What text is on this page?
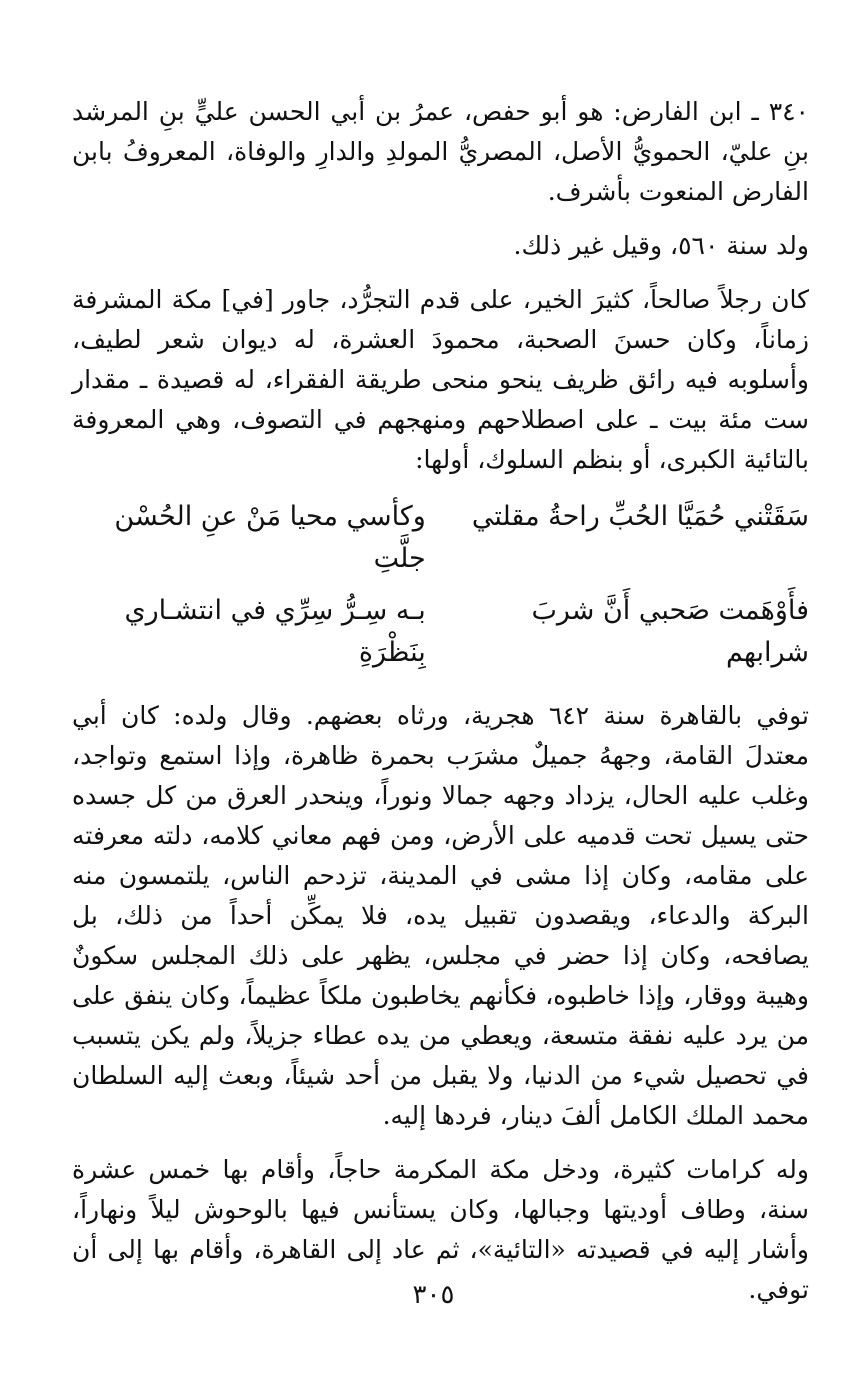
٣٤٠ ـ ابن الفارض: هو أبو حفص، عمرُ بن أبي الحسن عليٍّ بنِ المرشد بنِ عليّ، الحمويُّ الأصل، المصريُّ المولدِ والدارِ والوفاة، المعروفُ بابن الفارض المنعوت بأشرف.

ولد سنة ٥٦٠، وقيل غير ذلك.

كان رجلاً صالحاً، كثيرَ الخير، على قدم التجرُّد، جاور [في] مكة المشرفة زماناً، وكان حسنَ الصحبة، محمودَ العشرة، له ديوان شعر لطيف، وأسلوبه فيه رائق ظريف ينحو منحى طريقة الفقراء، له قصيدة ـ مقدار ست مئة بيت ـ على اصطلاحهم ومنهجهم في التصوف، وهي المعروفة بالتائية الكبرى، أو بنظم السلوك، أولها:

سَقَتْني حُمَيَّا الحُبِّ راحةُ مقلتي
وكأسي محيا مَنْ عنِ الحُسْن جلَّتِ
فأَوْهَمت صَحبي أَنَّ شربَ شرابهم
بـه سِـرُّ سِرِّي في انتشـاري بِنَظْرَةِ

توفي بالقاهرة سنة ٦٤٢ هجرية، ورثاه بعضهم. وقال ولده: كان أبي معتدلَ القامة، وجههُ جميلٌ مشرَب بحمرة ظاهرة، وإذا استمع وتواجد، وغلب عليه الحال، يزداد وجهه جمالا ونوراً، وينحدر العرق من كل جسده حتى يسيل تحت قدميه على الأرض، ومن فهم معاني كلامه، دلته معرفته على مقامه، وكان إذا مشى في المدينة، تزدحم الناس، يلتمسون منه البركة والدعاء، ويقصدون تقبيل يده، فلا يمكِّن أحداً من ذلك، بل يصافحه، وكان إذا حضر في مجلس، يظهر على ذلك المجلس سكونٌ وهيبة ووقار، وإذا خاطبوه، فكأنهم يخاطبون ملكاً عظيماً، وكان ينفق على من يرد عليه نفقة متسعة، ويعطي من يده عطاء جزيلاً، ولم يكن يتسبب في تحصيل شيء من الدنيا، ولا يقبل من أحد شيئاً، وبعث إليه السلطان محمد الملك الكامل ألفَ دينار، فردها إليه.

وله كرامات كثيرة، ودخل مكة المكرمة حاجاً، وأقام بها خمس عشرة سنة، وطاف أوديتها وجبالها، وكان يستأنس فيها بالوحوش ليلاً ونهاراً، وأشار إليه في قصيدته «التائية»، ثم عاد إلى القاهرة، وأقام بها إلى أن توفي.

٣٠٥
